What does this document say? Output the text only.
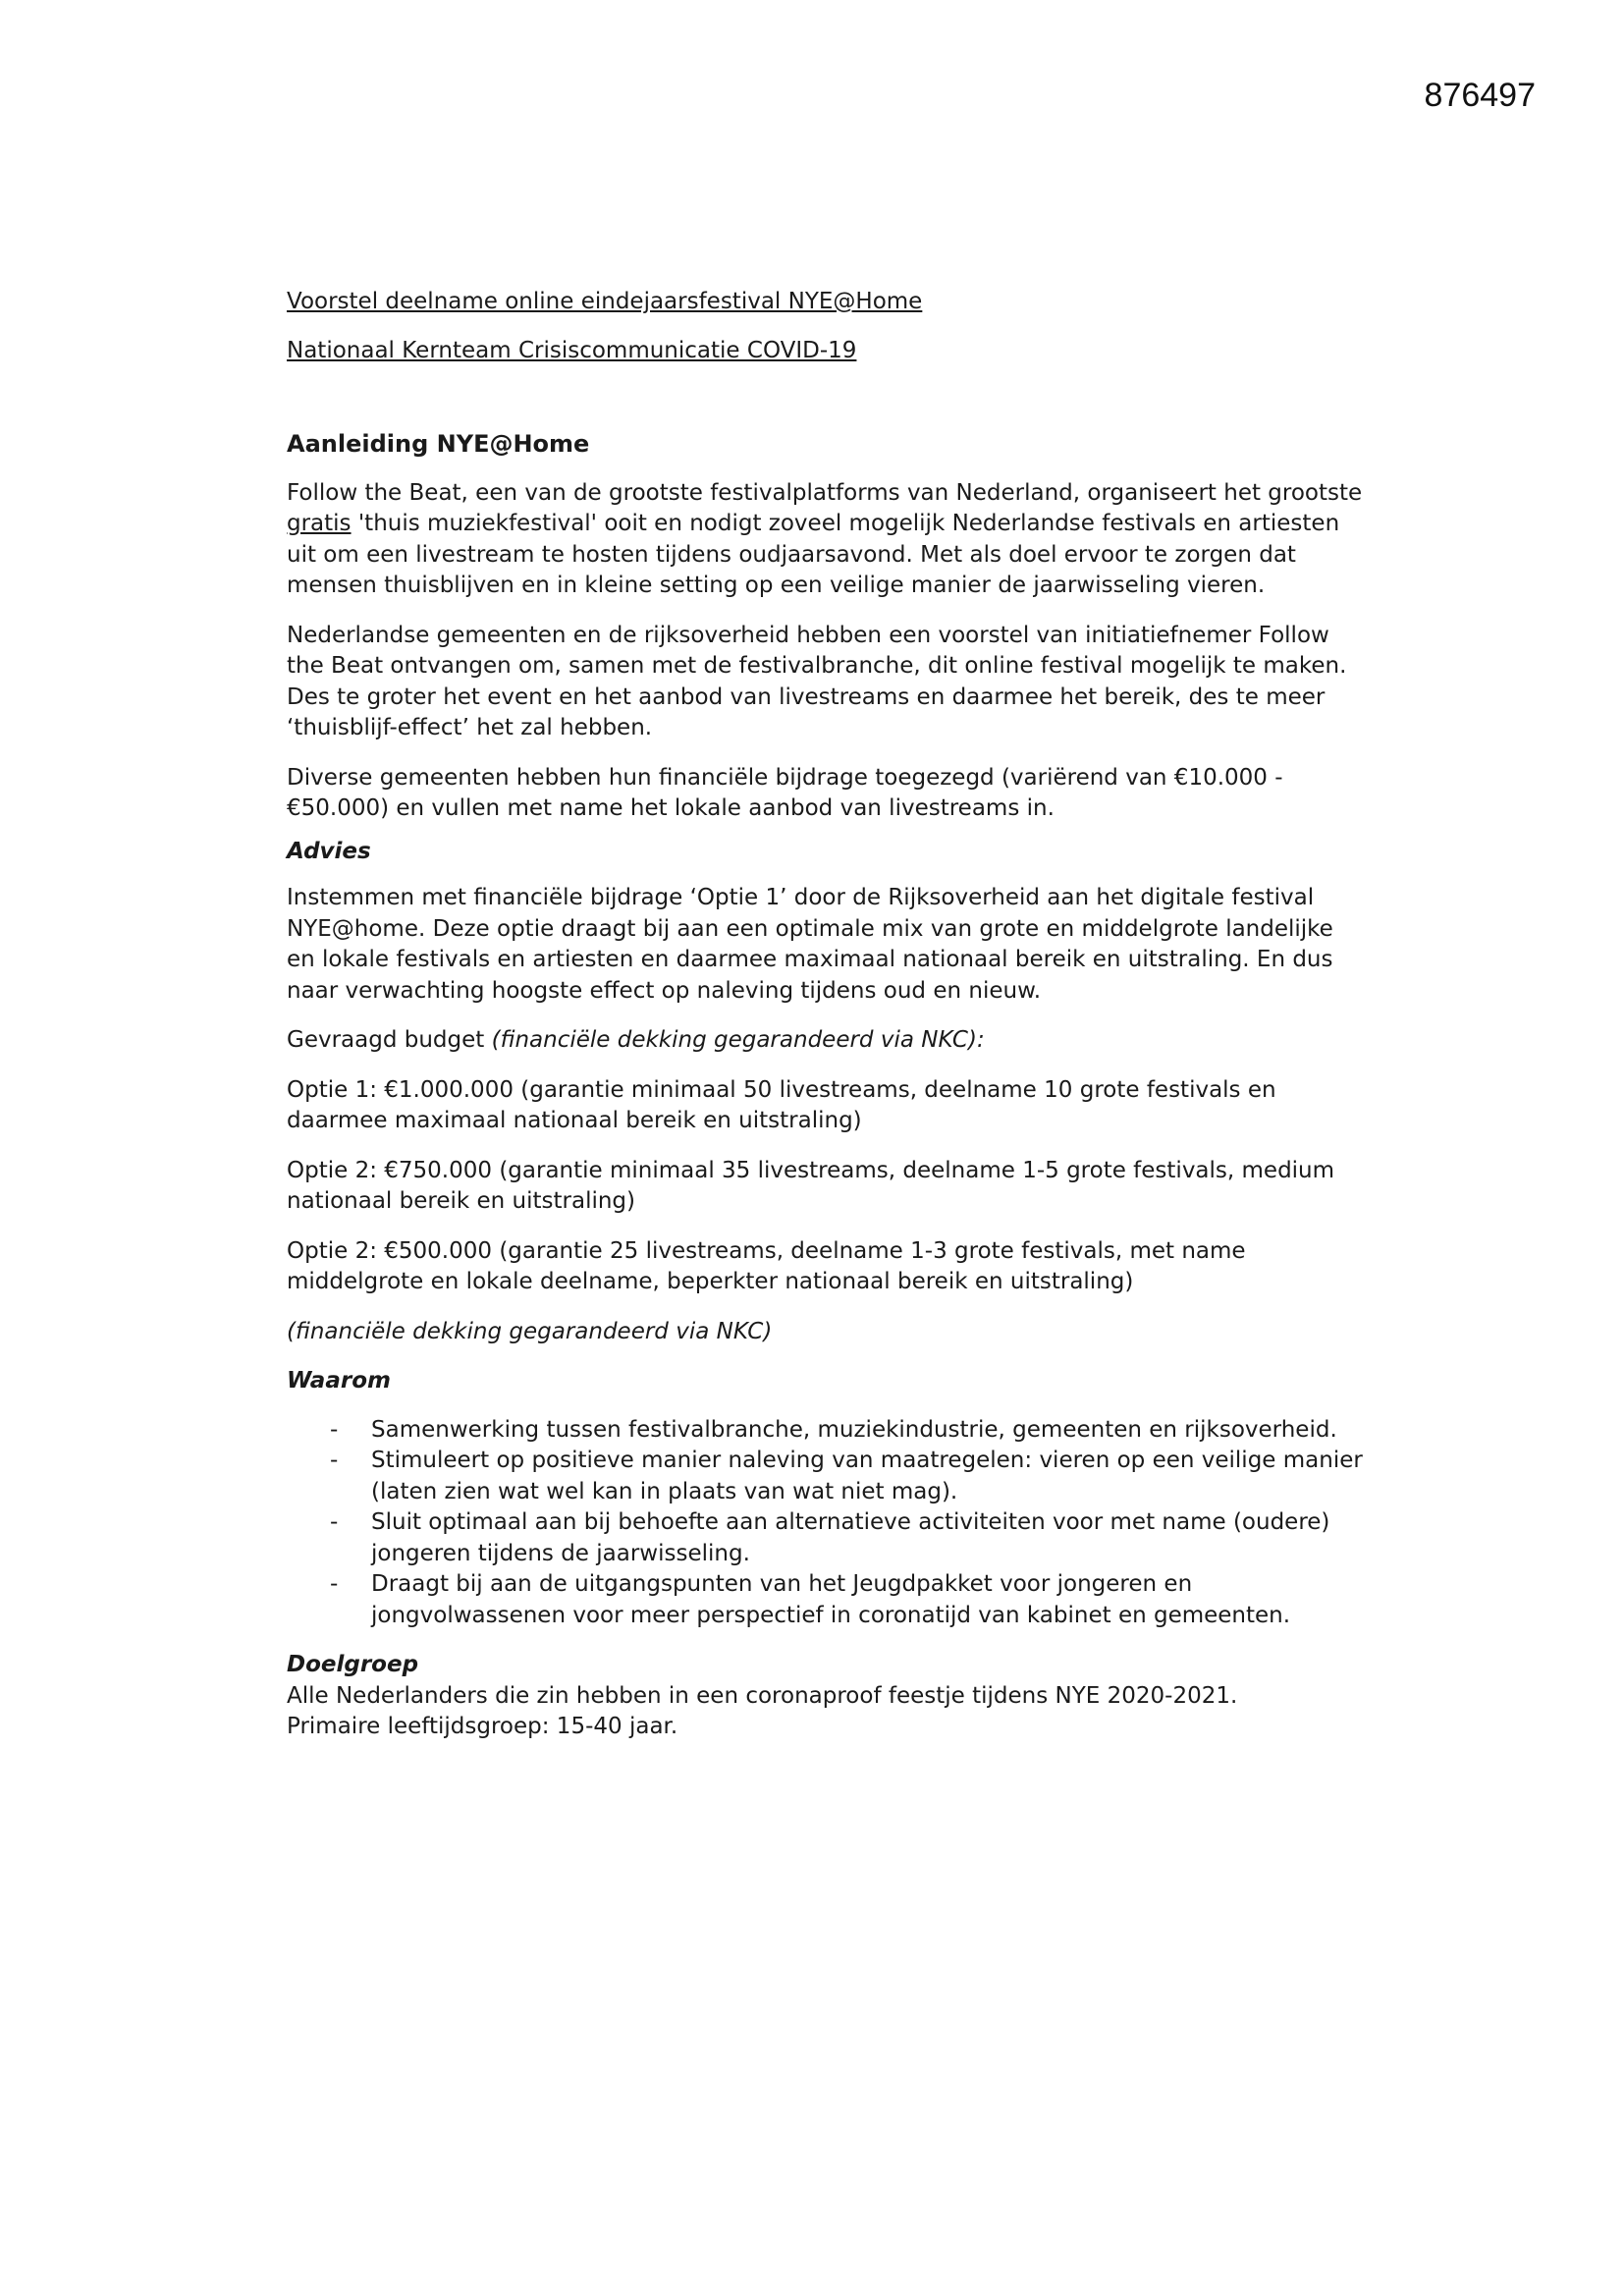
876497

Voorstel deelname online eindejaarsfestival NYE@Home

Nationaal Kernteam Crisiscommunicatie COVID-19

Aanleiding NYE@Home

Follow the Beat, een van de grootste festivalplatforms van Nederland, organiseert het grootste gratis 'thuis muziekfestival' ooit en nodigt zoveel mogelijk Nederlandse festivals en artiesten uit om een livestream te hosten tijdens oudjaarsavond. Met als doel ervoor te zorgen dat mensen thuisblijven en in kleine setting op een veilige manier de jaarwisseling vieren.

Nederlandse gemeenten en de rijksoverheid hebben een voorstel van initiatiefnemer Follow the Beat ontvangen om, samen met de festivalbranche, dit online festival mogelijk te maken. Des te groter het event en het aanbod van livestreams en daarmee het bereik, des te meer ‘thuisblijf-effect’ het zal hebben.

Diverse gemeenten hebben hun financiële bijdrage toegezegd (variërend van €10.000 - €50.000) en vullen met name het lokale aanbod van livestreams in.

Advies

Instemmen met financiële bijdrage ‘Optie 1’ door de Rijksoverheid aan het digitale festival NYE@home. Deze optie draagt bij aan een optimale mix van grote en middelgrote landelijke en lokale festivals en artiesten en daarmee maximaal nationaal bereik en uitstraling. En dus naar verwachting hoogste effect op naleving tijdens oud en nieuw.

Gevraagd budget (financiële dekking gegarandeerd via NKC):

Optie 1: €1.000.000 (garantie minimaal 50 livestreams, deelname 10 grote festivals en daarmee maximaal nationaal bereik en uitstraling)

Optie 2: €750.000 (garantie minimaal 35 livestreams, deelname 1-5 grote festivals, medium nationaal bereik en uitstraling)

Optie 2: €500.000 (garantie 25 livestreams, deelname 1-3 grote festivals, met name middelgrote en lokale deelname, beperkter nationaal bereik en uitstraling)

(financiële dekking gegarandeerd via NKC)

Waarom

- Samenwerking tussen festivalbranche, muziekindustrie, gemeenten en rijksoverheid.
- Stimuleert op positieve manier naleving van maatregelen: vieren op een veilige manier (laten zien wat wel kan in plaats van wat niet mag).
- Sluit optimaal aan bij behoefte aan alternatieve activiteiten voor met name (oudere) jongeren tijdens de jaarwisseling.
- Draagt bij aan de uitgangspunten van het Jeugdpakket voor jongeren en jongvolwassenen voor meer perspectief in coronatijd van kabinet en gemeenten.

Doelgroep

Alle Nederlanders die zin hebben in een coronaproof feestje tijdens NYE 2020-2021.

Primaire leeftijdsgroep: 15-40 jaar.
